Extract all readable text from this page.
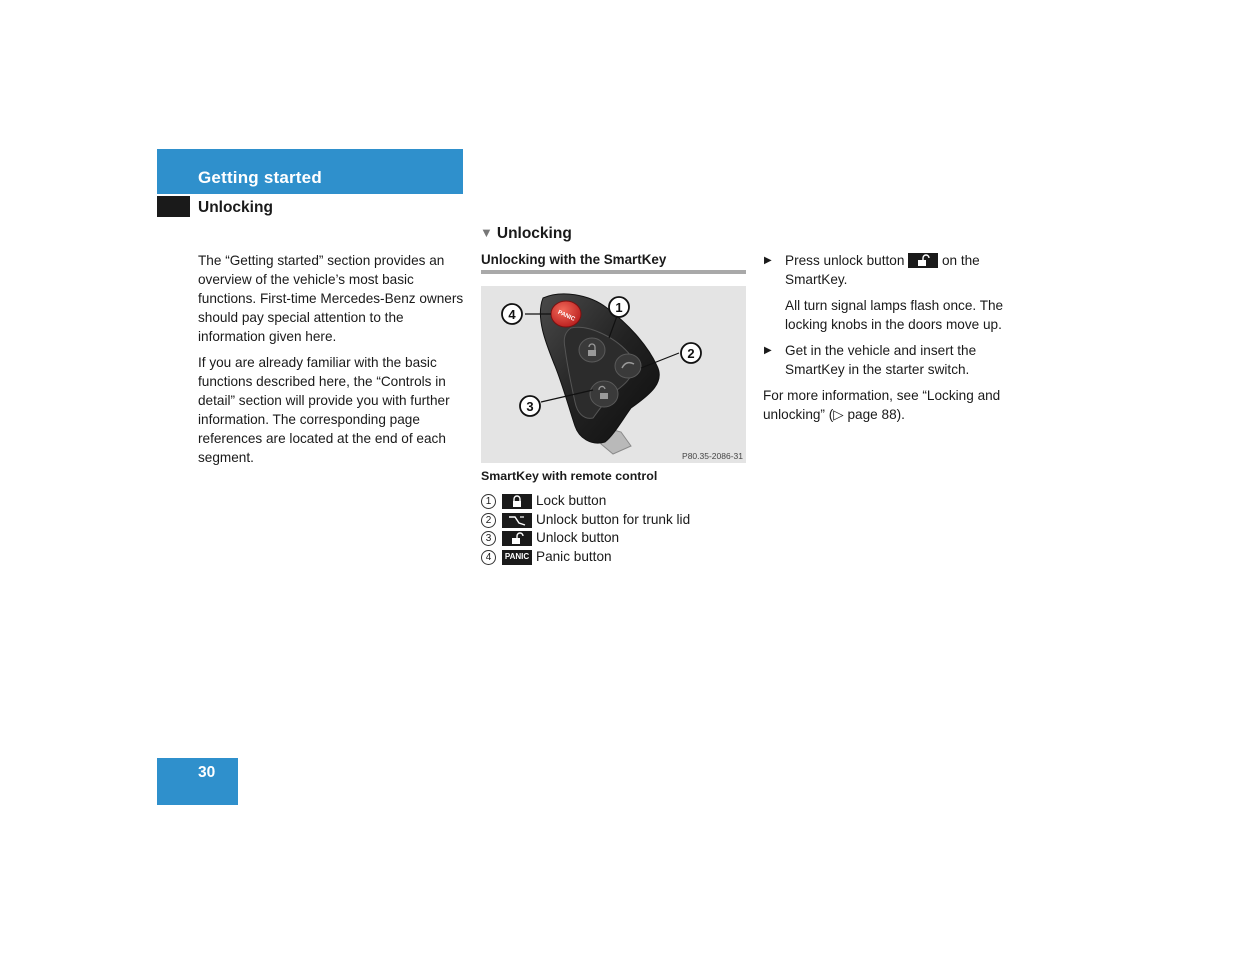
Getting started
Unlocking

The “Getting started” section provides an overview of the vehicle’s most basic functions. First-time Mercedes-Benz owners should pay special attention to the information given here.

If you are already familiar with the basic functions described here, the “Controls in detail” section will provide you with further information. The corresponding page references are located at the end of each segment.

▼ Unlocking
Unlocking with the SmartKey
PANIC
1
2
3
4
P80.35-2086-31
SmartKey with remote control
1	Lock button
2	Unlock button for trunk lid
3	Unlock button
4	PANIC Panic button
▶ Press unlock button
on the SmartKey.

All turn signal lamps flash once. The locking knobs in the doors move up.

▶ Get in the vehicle and insert the SmartKey in the starter switch.

For more information, see “Locking and unlocking” (▷ page 88).

30
